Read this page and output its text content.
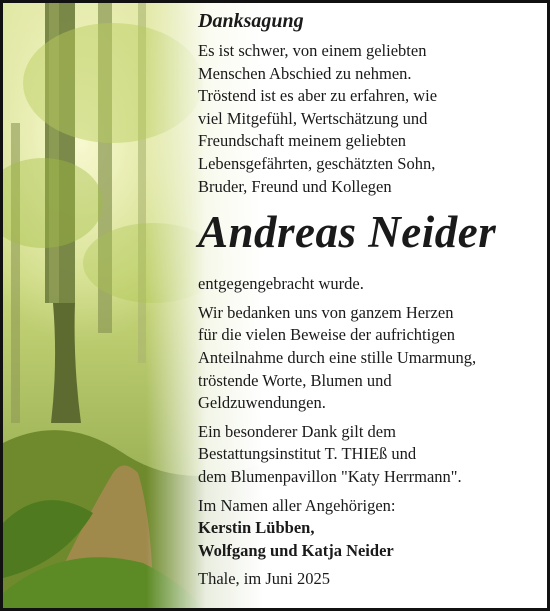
Danksagung

Es ist schwer, von einem geliebten
Menschen Abschied zu nehmen.
Tröstend ist es aber zu erfahren, wie
viel Mitgefühl, Wertschätzung und
Freundschaft meinem geliebten
Lebensgefährten, geschätzten Sohn,
Bruder, Freund und Kollegen

Andreas Neider

entgegengebracht wurde.

Wir bedanken uns von ganzem Herzen
für die vielen Beweise der aufrichtigen
Anteilnahme durch eine stille Umarmung,
tröstende Worte, Blumen und
Geldzuwendungen.

Ein besonderer Dank gilt dem
Bestattungsinstitut T. THIEß und
dem Blumenpavillon "Katy Herrmann".

Im Namen aller Angehörigen:
Kerstin Lübben,
Wolfgang und Katja Neider

Thale, im Juni 2025
